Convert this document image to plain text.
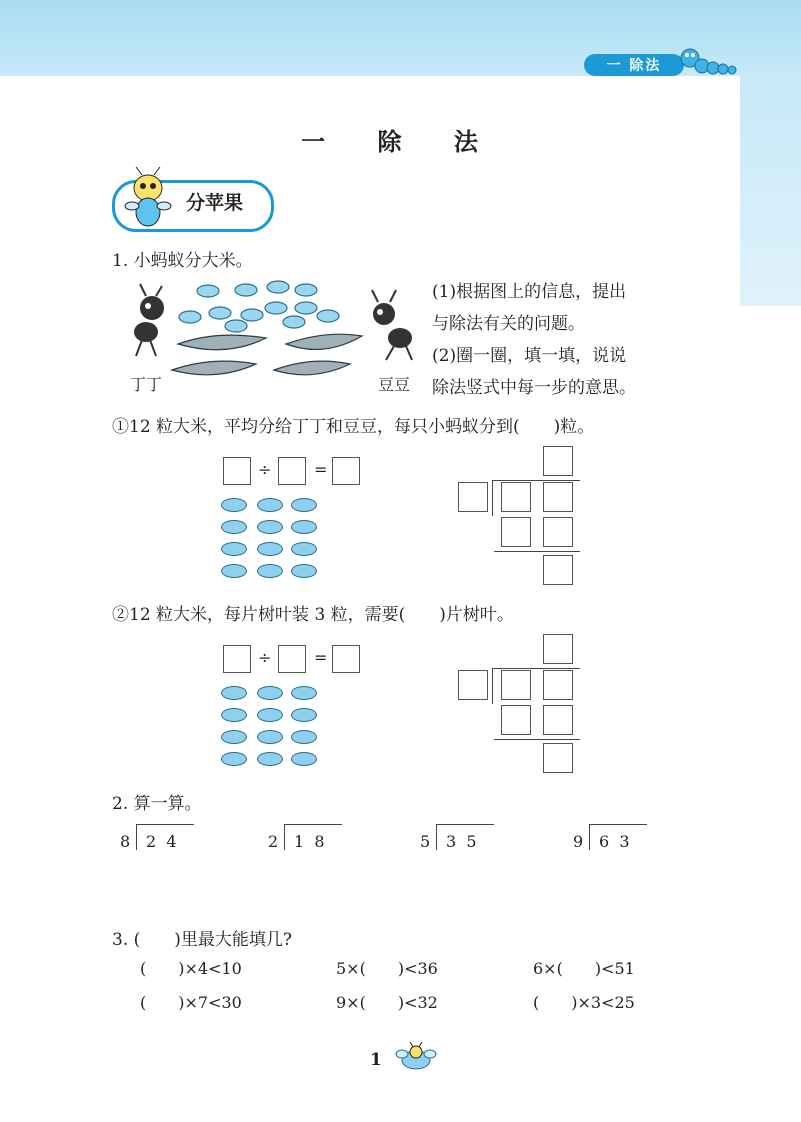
一 除法
一 除 法
分苹果
1. 小蚂蚁分大米。
丁丁	豆豆
(1)根据图上的信息，提出
与除法有关的问题。
(2)圈一圈，填一填，说说
除法竖式中每一步的意思。
①12 粒大米，平均分给丁丁和豆豆，每只小蚂蚁分到(　　)粒。
÷	=
②12 粒大米，每片树叶装 3 粒，需要(　　)片树叶。
÷	=
2. 算一算。
8 2  4	2 1  8	5 3  5	9 6  3
3. (　　)里最大能填几?
(　　)×4<10	5×(　　)<36	6×(　　)<51
(　　)×7<30	9×(　　)<32	(　　)×3<25
1
